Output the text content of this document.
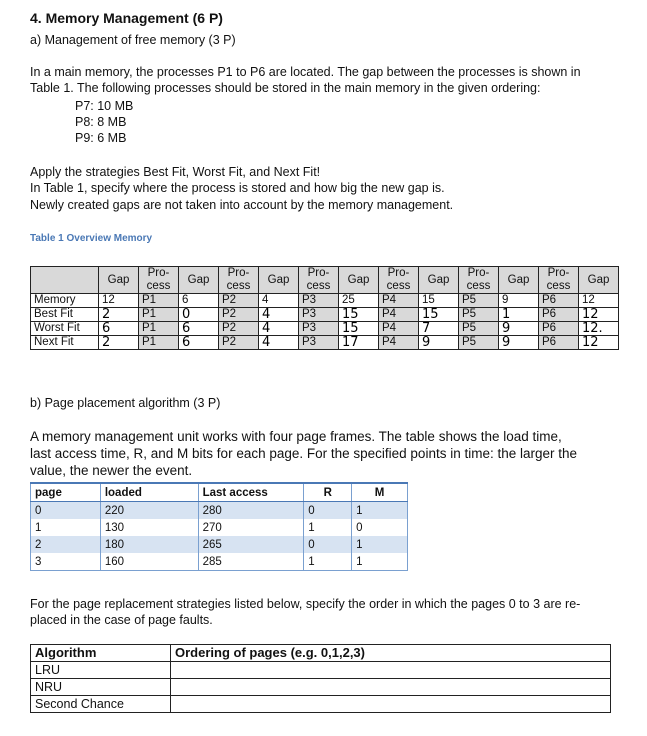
4. Memory Management (6 P)
a) Management of free memory (3 P)
In a main memory, the processes P1 to P6 are located. The gap between the processes is shown in
Table 1. The following processes should be stored in the main memory in the given ordering:
P7: 10 MB
P8: 8 MB
P9: 6 MB
Apply the strategies Best Fit, Worst Fit, and Next Fit!
In Table 1, specify where the process is stored and how big the new gap is.
Newly created gaps are not taken into account by the memory management.
Table 1 Overview Memory
	Gap	Pro-
cess	Gap	Pro-
cess	Gap	Pro-
cess	Gap	Pro-
cess	Gap	Pro-
cess	Gap	Pro-
cess	Gap
Memory	12	P1	6	P2	4	P3	25	P4	15	P5	9	P6	12
Best Fit	2	P1	0	P2	4	P3	15	P4	15	P5	1	P6	12
Worst Fit	6	P1	6	P2	4	P3	15	P4	7	P5	9	P6	12.
Next Fit	2	P1	6	P2	4	P3	17	P4	9	P5	9	P6	12
b) Page placement algorithm (3 P)
A memory management unit works with four page frames. The table shows the load time,
last access time, R, and M bits for each page. For the specified points in time: the larger the
value, the newer the event.
page	loaded	Last access	R	M
0	220	280	0	1
1	130	270	1	0
2	180	265	0	1
3	160	285	1	1
For the page replacement strategies listed below, specify the order in which the pages 0 to 3 are re-
placed in the case of page faults.
Algorithm	Ordering of pages (e.g. 0,1,2,3)
LRU	
NRU	
Second Chance	
